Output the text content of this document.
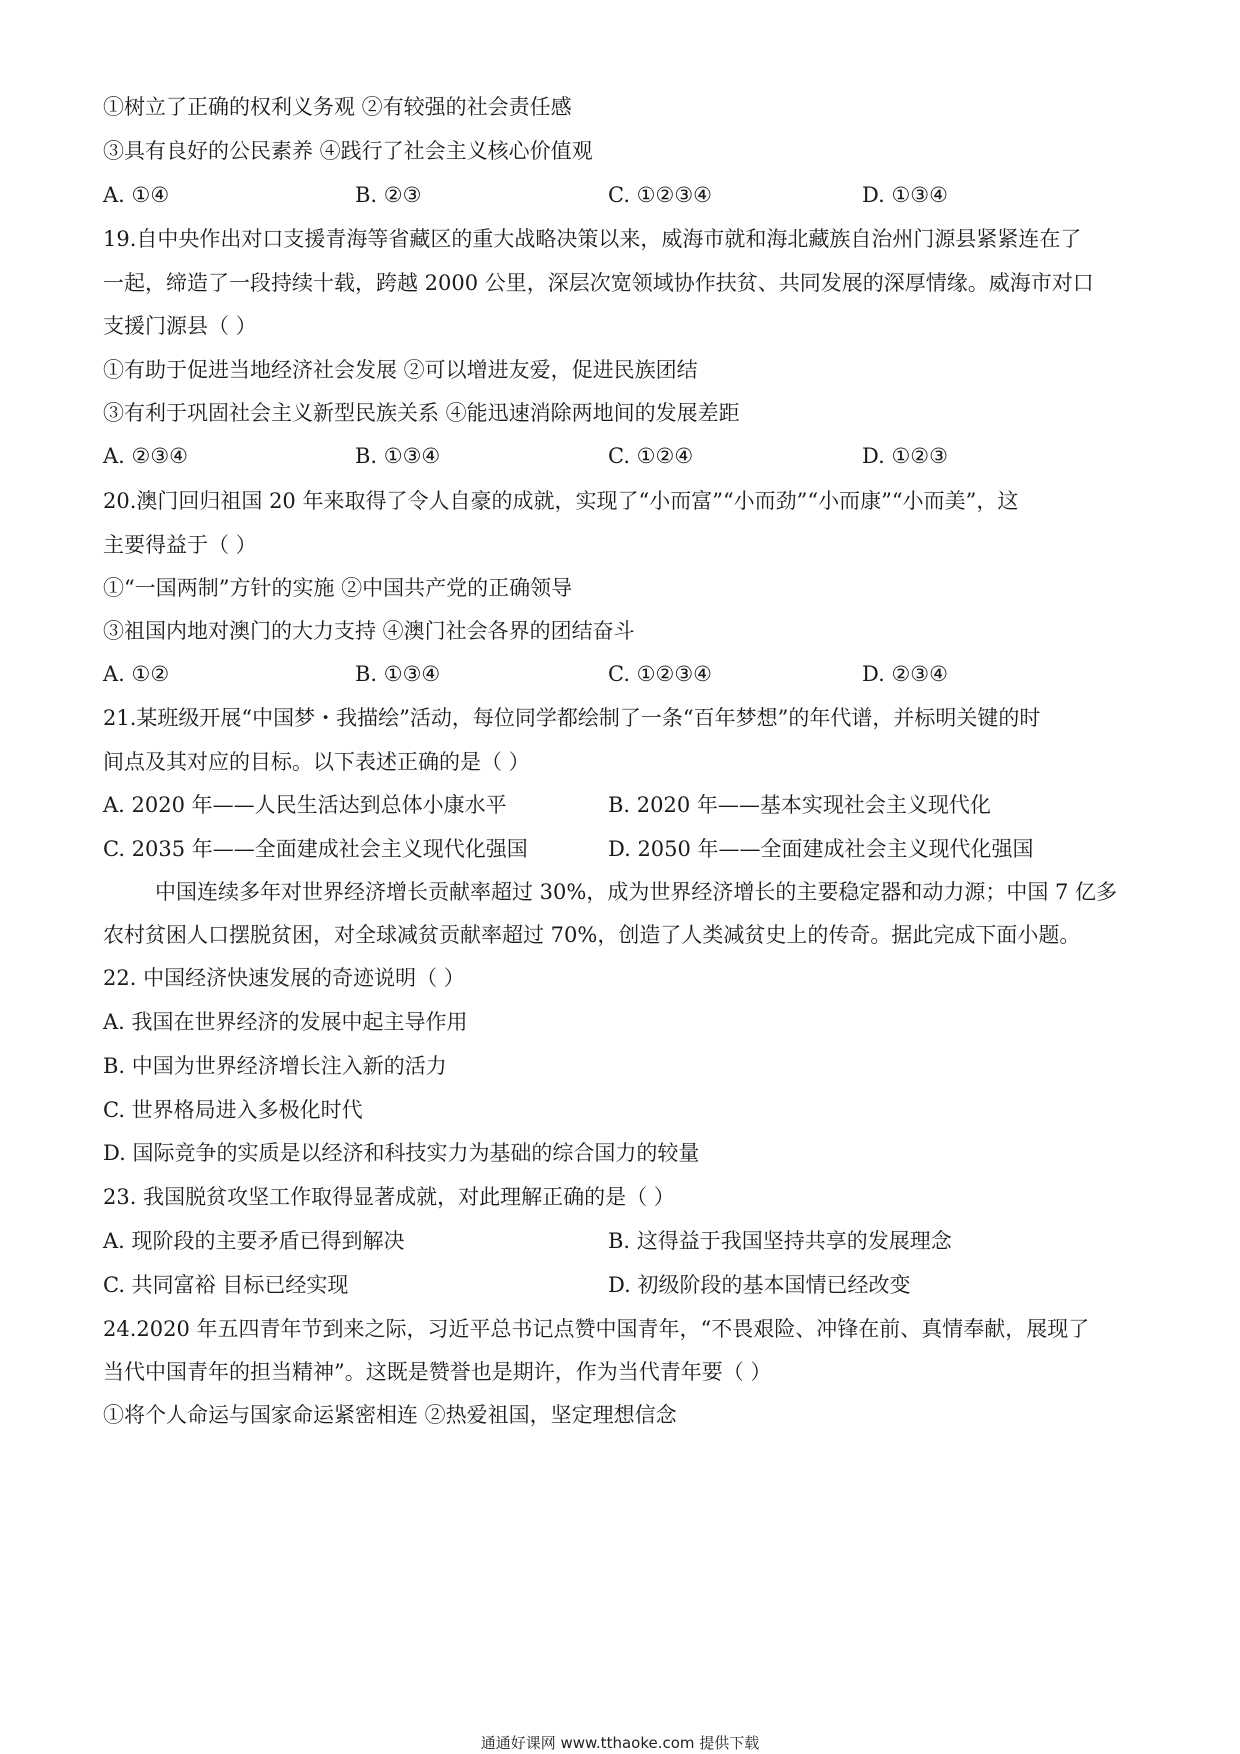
①树立了正确的权利义务观 ②有较强的社会责任感
③具有良好的公民素养 ④践行了社会主义核心价值观
A. ①④	B. ②③	C. ①②③④	D. ①③④
19.自中央作出对口支援青海等省藏区的重大战略决策以来，威海市就和海北藏族自治州门源县紧紧连在了
一起，缔造了一段持续十载，跨越 2000 公里，深层次宽领域协作扶贫、共同发展的深厚情缘。威海市对口
支援门源县（ ）
①有助于促进当地经济社会发展 ②可以增进友爱，促进民族团结
③有利于巩固社会主义新型民族关系 ④能迅速消除两地间的发展差距
A. ②③④	B. ①③④	C. ①②④	D. ①②③
20.澳门回归祖国 20 年来取得了令人自豪的成就，实现了“小而富”“小而劲”“小而康”“小而美”，这
主要得益于（ ）
①“一国两制”方针的实施 ②中国共产党的正确领导
③祖国内地对澳门的大力支持 ④澳门社会各界的团结奋斗
A. ①②	B. ①③④	C. ①②③④	D. ②③④
21.某班级开展“中国梦・我描绘”活动，每位同学都绘制了一条“百年梦想”的年代谱，并标明关键的时
间点及其对应的目标。以下表述正确的是（ ）
A. 2020 年——人民生活达到总体小康水平	B. 2020 年——基本实现社会主义现代化
C. 2035 年——全面建成社会主义现代化强国	D. 2050 年——全面建成社会主义现代化强国
中国连续多年对世界经济增长贡献率超过 30%，成为世界经济增长的主要稳定器和动力源；中国 7 亿多
农村贫困人口摆脱贫困，对全球减贫贡献率超过 70%，创造了人类减贫史上的传奇。据此完成下面小题。
22. 中国经济快速发展的奇迹说明（ ）
A. 我国在世界经济的发展中起主导作用
B. 中国为世界经济增长注入新的活力
C. 世界格局进入多极化时代
D. 国际竞争的实质是以经济和科技实力为基础的综合国力的较量
23. 我国脱贫攻坚工作取得显著成就，对此理解正确的是（ ）
A. 现阶段的主要矛盾已得到解决	B. 这得益于我国坚持共享的发展理念
C. 共同富裕 目标已经实现	D. 初级阶段的基本国情已经改变
24.2020 年五四青年节到来之际，习近平总书记点赞中国青年，“不畏艰险、冲锋在前、真情奉献，展现了
当代中国青年的担当精神”。这既是赞誉也是期许，作为当代青年要（ ）
①将个人命运与国家命运紧密相连 ②热爱祖国，坚定理想信念
通通好课网 www.tthaoke.com 提供下载
